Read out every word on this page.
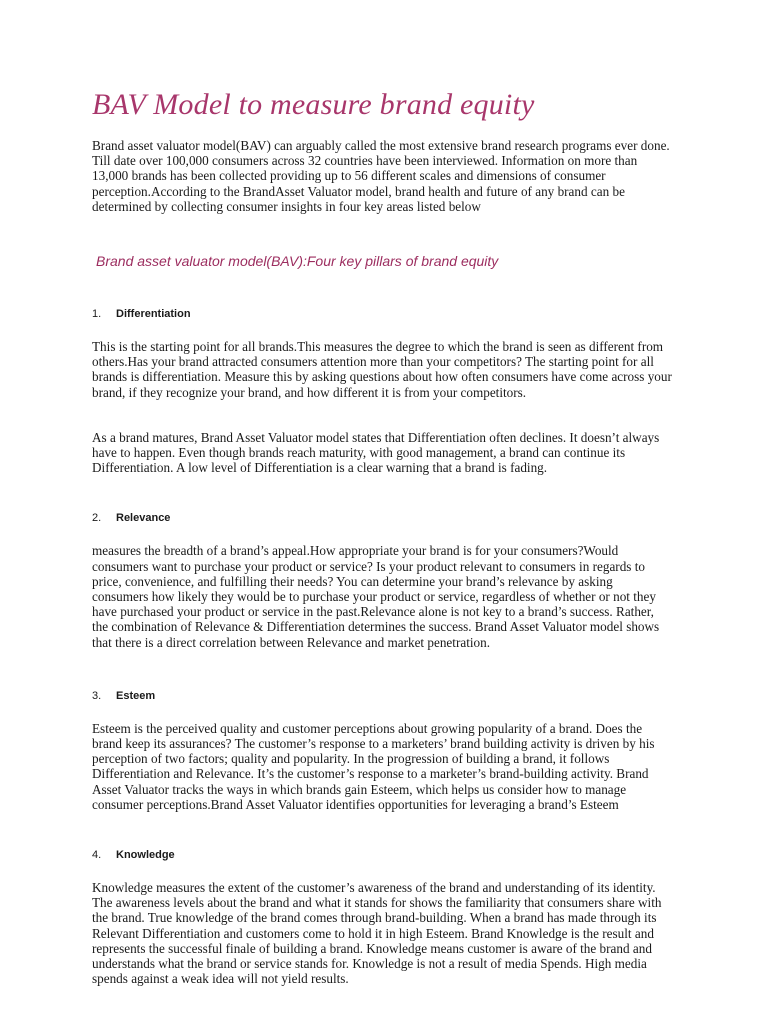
BAV Model to measure brand equity

Brand asset valuator model(BAV) can arguably called the most extensive brand research programs ever done. Till date over 100,000 consumers across 32 countries have been interviewed. Information on more than 13,000 brands has been collected providing up to 56 different scales and dimensions of consumer perception.According to the BrandAsset Valuator model, brand health and future of any brand can be determined by collecting consumer insights in four key areas listed below

Brand asset valuator model(BAV):Four key pillars of brand equity
1.	Differentiation

This is the starting point for all brands.This measures the degree to which the brand is seen as different from others.Has your brand attracted consumers attention more than your competitors? The starting point for all brands is differentiation. Measure this by asking questions about how often consumers have come across your brand, if they recognize your brand, and how different it is from your competitors.

As a brand matures, Brand Asset Valuator model states that Differentiation often declines. It doesn’t always have to happen. Even though brands reach maturity, with good management, a brand can continue its Differentiation. A low level of Differentiation is a clear warning that a brand is fading.

2.	Relevance

measures the breadth of a brand’s appeal.How appropriate your brand is for your consumers?Would consumers want to purchase your product or service? Is your product relevant to consumers in regards to price, convenience, and fulfilling their needs? You can determine your brand’s relevance by asking consumers how likely they would be to purchase your product or service, regardless of whether or not they have purchased your product or service in the past.Relevance alone is not key to a brand’s success. Rather, the combination of Relevance & Differentiation determines the success. Brand Asset Valuator model shows that there is a direct correlation between Relevance and market penetration.

3.	Esteem

Esteem is the perceived quality and customer perceptions about growing popularity of a brand. Does the brand keep its assurances? The customer’s response to a marketers’ brand building activity is driven by his perception of two factors; quality and popularity. In the progression of building a brand, it follows Differentiation and Relevance. It’s the customer’s response to a marketer’s brand-building activity. Brand Asset Valuator tracks the ways in which brands gain Esteem, which helps us consider how to manage consumer perceptions.Brand Asset Valuator identifies opportunities for leveraging a brand’s Esteem

4.	Knowledge

Knowledge measures the extent of the customer’s awareness of the brand and understanding of its identity. The awareness levels about the brand and what it stands for shows the familiarity that consumers share with the brand. True knowledge of the brand comes through brand-building. When a brand has made through its Relevant Differentiation and customers come to hold it in high Esteem. Brand Knowledge is the result and represents the successful finale of building a brand. Knowledge means customer is aware of the brand and understands what the brand or service stands for. Knowledge is not a result of media Spends. High media spends against a weak idea will not yield results.
